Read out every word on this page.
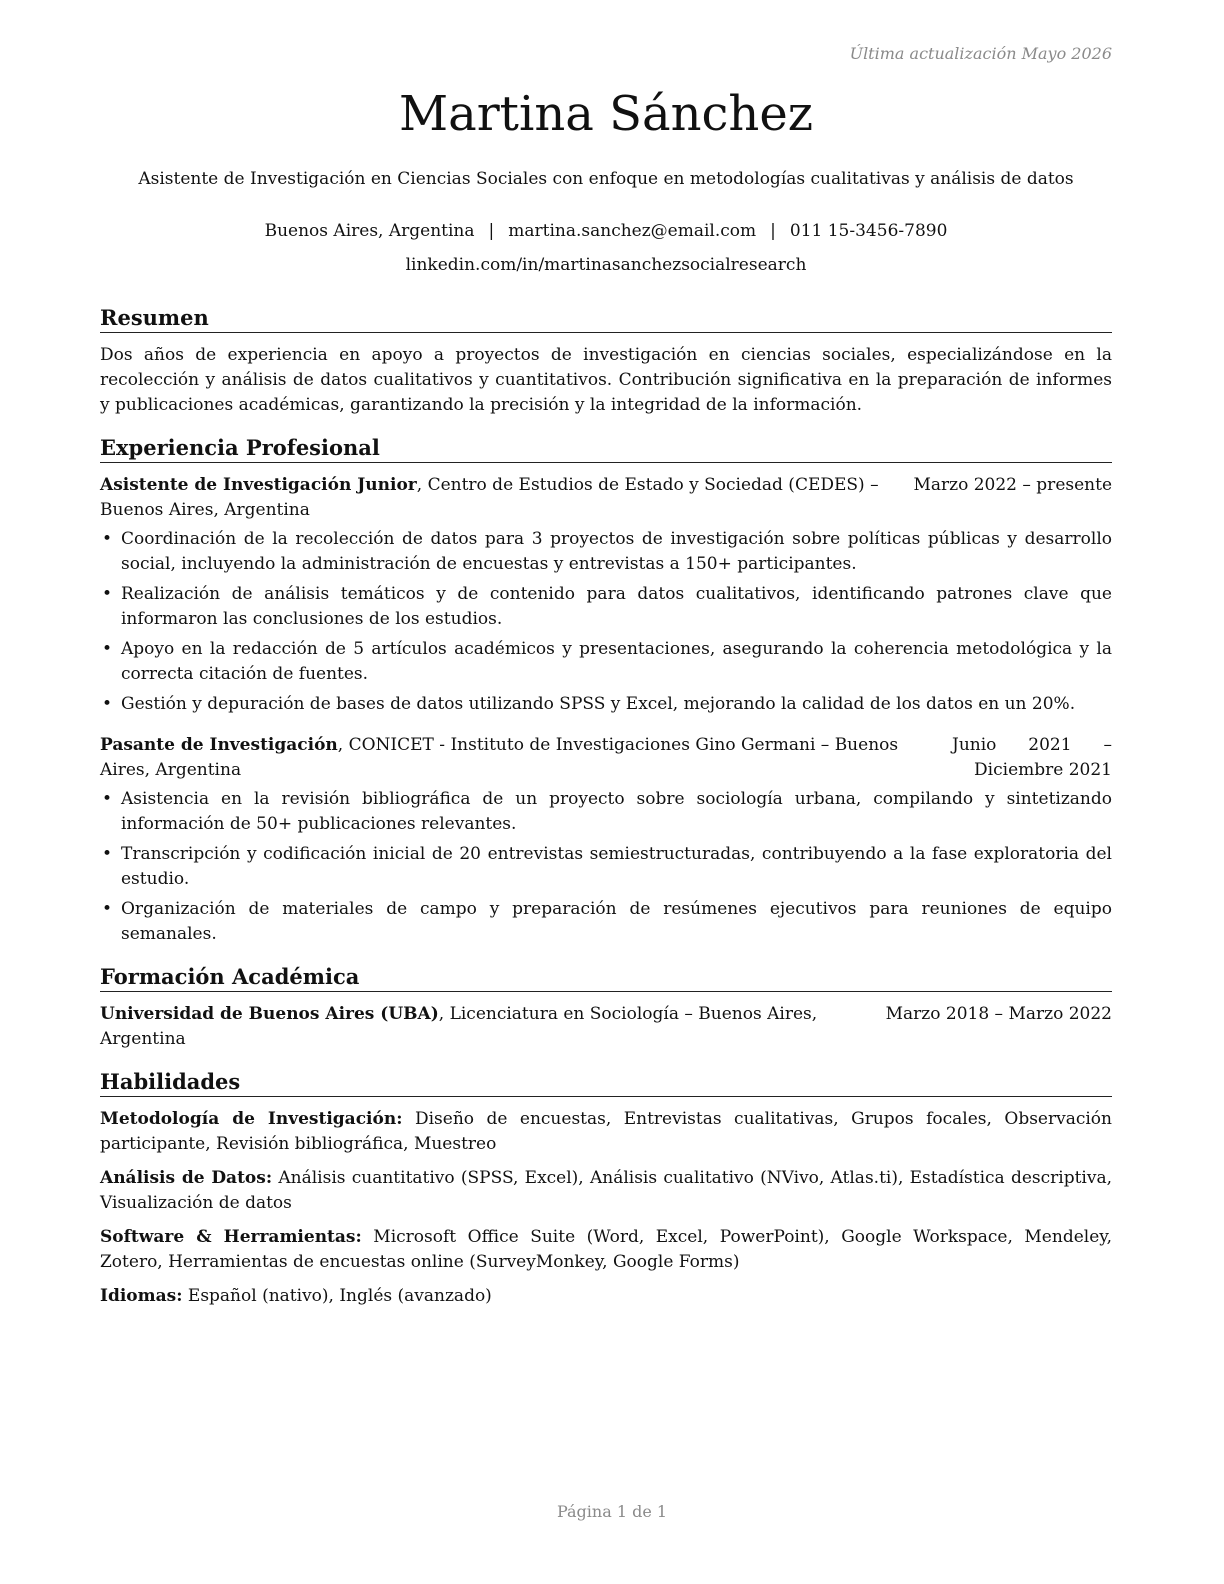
Última actualización Mayo 2026
Martina Sánchez
Asistente de Investigación en Ciencias Sociales con enfoque en metodologías cualitativas y análisis de datos
Buenos Aires, Argentina | martina.sanchez@email.com | 011 15-3456-7890
linkedin.com/in/martinasanchezsocialresearch
Resumen

Dos años de experiencia en apoyo a proyectos de investigación en ciencias sociales, especializándose en la recolección y análisis de datos cualitativos y cuantitativos. Contribución significativa en la preparación de informes y publicaciones académicas, garantizando la precisión y la integridad de la información.

Experiencia Profesional
Asistente de Investigación Junior, Centro de Estudios de Estado y Sociedad (CEDES) – Buenos Aires, Argentina
Marzo 2022 – presente
• Coordinación de la recolección de datos para 3 proyectos de investigación sobre políticas públicas y desarrollo social, incluyendo la administración de encuestas y entrevistas a 150+ participantes.
• Realización de análisis temáticos y de contenido para datos cualitativos, identificando patrones clave que informaron las conclusiones de los estudios.
• Apoyo en la redacción de 5 artículos académicos y presentaciones, asegurando la coherencia metodológica y la correcta citación de fuentes.
• Gestión y depuración de bases de datos utilizando SPSS y Excel, mejorando la calidad de los datos en un 20%.
Pasante de Investigación, CONICET - Instituto de Investigaciones Gino Germani – Buenos Aires, Argentina
Junio 2021 – Diciembre 2021
• Asistencia en la revisión bibliográfica de un proyecto sobre sociología urbana, compilando y sintetizando información de 50+ publicaciones relevantes.
• Transcripción y codificación inicial de 20 entrevistas semiestructuradas, contribuyendo a la fase exploratoria del estudio.
• Organización de materiales de campo y preparación de resúmenes ejecutivos para reuniones de equipo semanales.
Formación Académica
Universidad de Buenos Aires (UBA), Licenciatura en Sociología – Buenos Aires, Argentina
Marzo 2018 – Marzo 2022
Habilidades
Metodología de Investigación: Diseño de encuestas, Entrevistas cualitativas, Grupos focales, Observación participante, Revisión bibliográfica, Muestreo
Análisis de Datos: Análisis cuantitativo (SPSS, Excel), Análisis cualitativo (NVivo, Atlas.ti), Estadística descriptiva, Visualización de datos
Software & Herramientas: Microsoft Office Suite (Word, Excel, PowerPoint), Google Workspace, Mendeley, Zotero, Herramientas de encuestas online (SurveyMonkey, Google Forms)
Idiomas: Español (nativo), Inglés (avanzado)
Página 1 de 1
